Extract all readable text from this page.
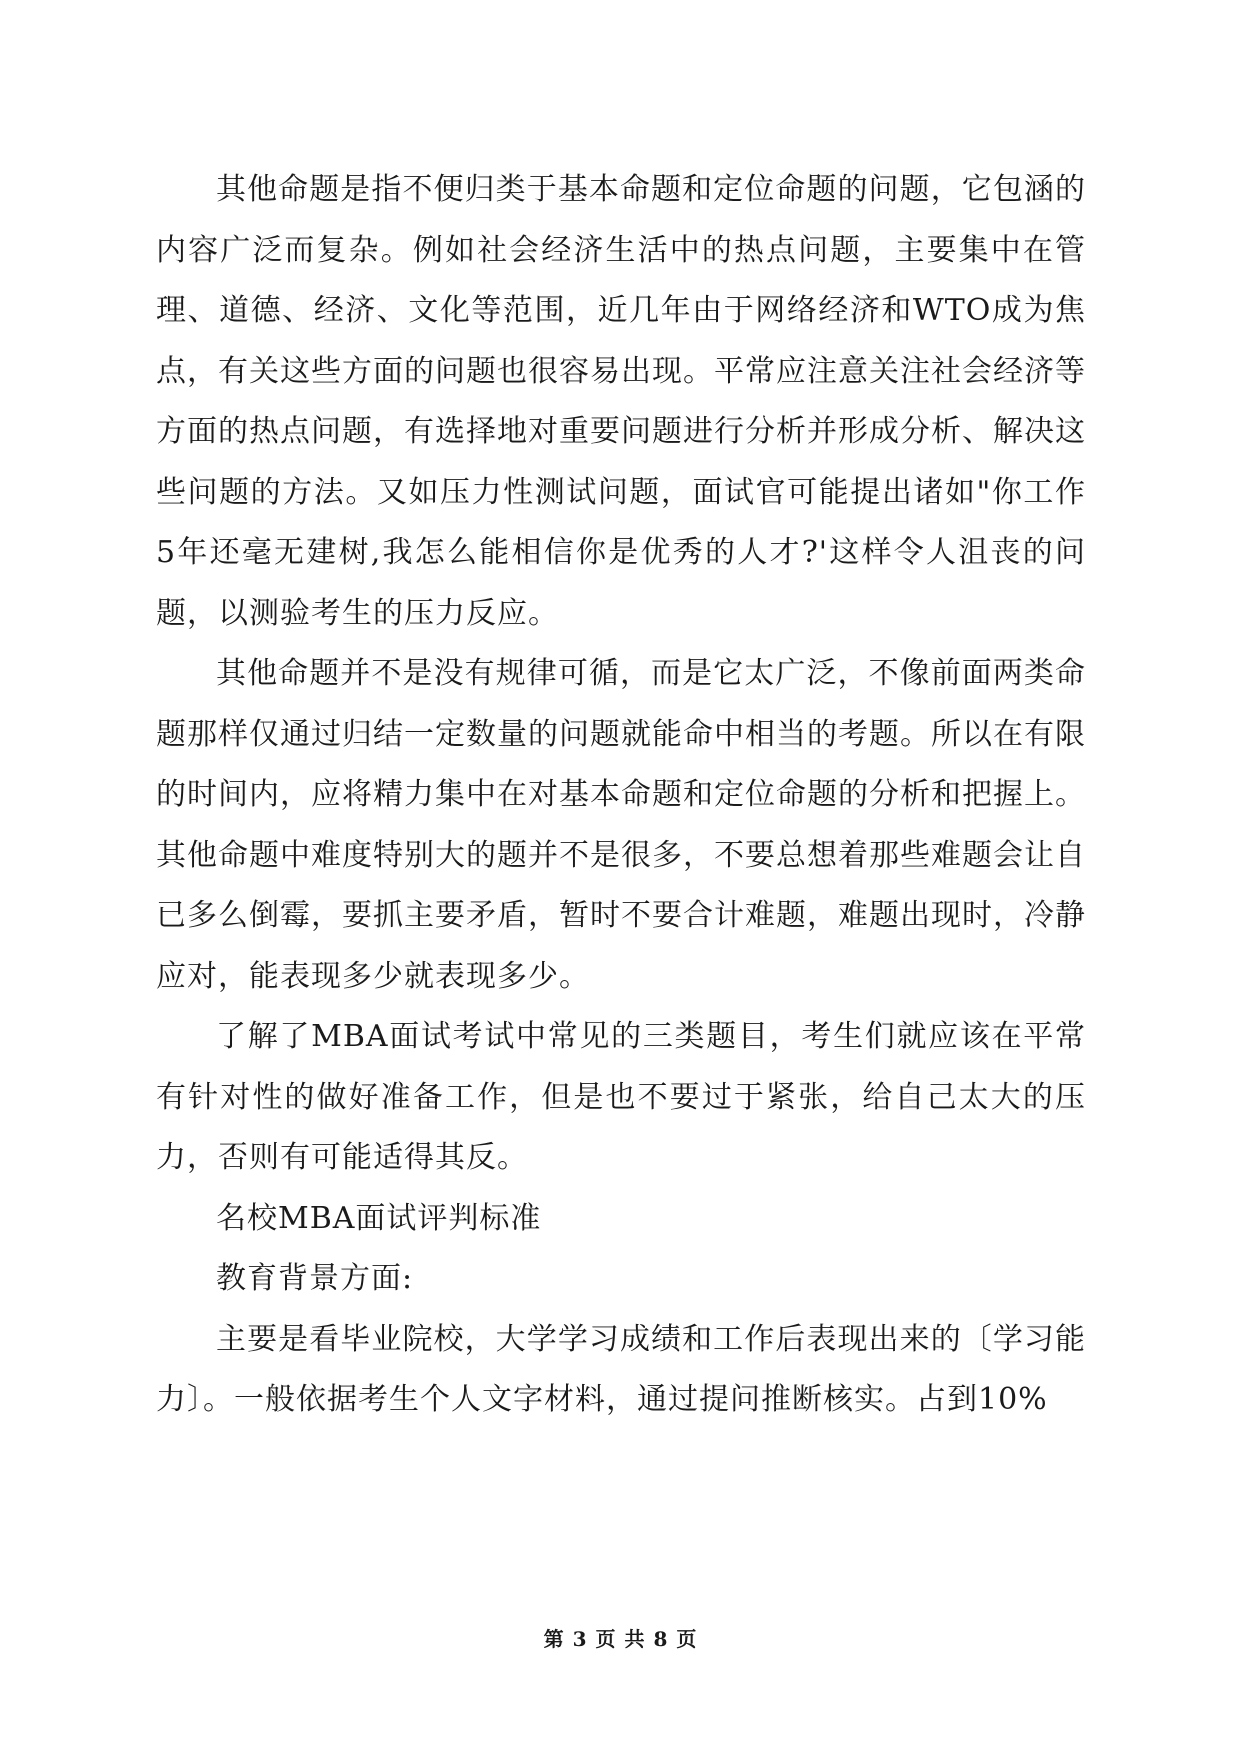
其他命题是指不便归类于基本命题和定位命题的问题，它包涵的内容广泛而复杂。例如社会经济生活中的热点问题，主要集中在管理、道德、经济、文化等范围，近几年由于网络经济和WTO成为焦点，有关这些方面的问题也很容易出现。平常应注意关注社会经济等方面的热点问题，有选择地对重要问题进行分析并形成分析、解决这些问题的方法。又如压力性测试问题，面试官可能提出诸如"你工作5年还毫无建树,我怎么能相信你是优秀的人才?'这样令人沮丧的问题，以测验考生的压力反应。

其他命题并不是没有规律可循，而是它太广泛，不像前面两类命题那样仅通过归结一定数量的问题就能命中相当的考题。所以在有限的时间内，应将精力集中在对基本命题和定位命题的分析和把握上。其他命题中难度特别大的题并不是很多，不要总想着那些难题会让自已多么倒霉，要抓主要矛盾，暂时不要合计难题，难题出现时，冷静应对，能表现多少就表现多少。

了解了MBA面试考试中常见的三类题目，考生们就应该在平常有针对性的做好准备工作，但是也不要过于紧张，给自己太大的压力，否则有可能适得其反。

名校MBA面试评判标准

教育背景方面:

主要是看毕业院校，大学学习成绩和工作后表现出来的〔学习能力〕。一般依据考生个人文字材料，通过提问推断核实。占到10%

第 3 页 共 8 页
